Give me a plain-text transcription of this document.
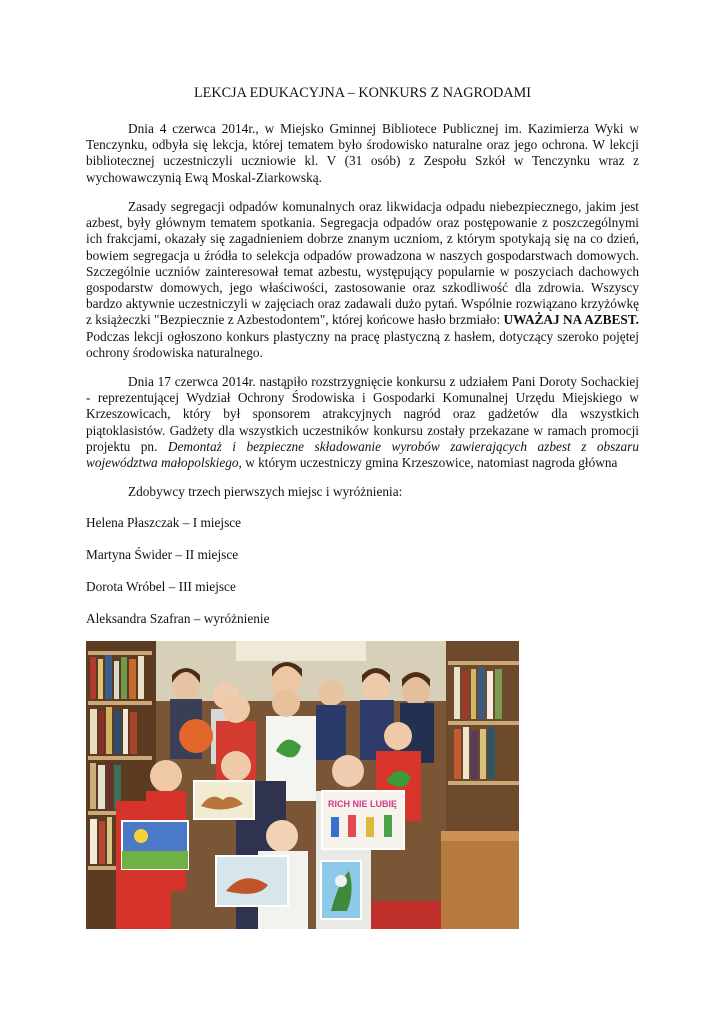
LEKCJA EDUKACYJNA – KONKURS Z NAGRODAMI

Dnia 4 czerwca 2014r., w Miejsko Gminnej Bibliotece Publicznej im. Kazimierza Wyki w Tenczynku, odbyła się lekcja, której tematem było środowisko naturalne oraz jego ochrona. W lekcji bibliotecznej uczestniczyli uczniowie kl. V (31 osób) z Zespołu Szkół w Tenczynku wraz z wychowawczynią Ewą Moskal-Ziarkowską.

Zasady segregacji odpadów komunalnych oraz likwidacja odpadu niebezpiecznego, jakim jest azbest, były głównym tematem spotkania. Segregacja odpadów oraz postępowanie z poszczególnymi ich frakcjami, okazały się zagadnieniem dobrze znanym uczniom, z którym spotykają się na co dzień, bowiem segregacja u źródła to selekcja odpadów prowadzona w naszych gospodarstwach domowych. Szczególnie uczniów zainteresował temat azbestu, występujący popularnie w poszyciach dachowych gospodarstw domowych, jego właściwości, zastosowanie oraz szkodliwość dla zdrowia. Wszyscy bardzo aktywnie uczestniczyli w zajęciach oraz zadawali dużo pytań. Wspólnie rozwiązano krzyżówkę z książeczki "Bezpiecznie z Azbestodontem", której końcowe hasło brzmiało: UWAŻAJ NA AZBEST. Podczas lekcji ogłoszono konkurs plastyczny na pracę plastyczną z hasłem, dotyczący szeroko pojętej ochrony środowiska naturalnego.

Dnia 17 czerwca 2014r. nastąpiło rozstrzygnięcie konkursu z udziałem Pani Doroty Sochackiej - reprezentującej Wydział Ochrony Środowiska i Gospodarki Komunalnej Urzędu Miejskiego w Krzeszowicach, który był sponsorem atrakcyjnych nagród oraz gadżetów dla wszystkich piątoklasistów. Gadżety dla wszystkich uczestników konkursu zostały przekazane w ramach promocji projektu pn. Demontaż i bezpieczne składowanie wyrobów zawierających azbest z obszaru województwa małopolskiego, w którym uczestniczy gmina Krzeszowice, natomiast nagroda główna

Zdobywcy trzech pierwszych miejsc i wyróżnienia:

Helena Płaszczak – I miejsce
Martyna Świder – II miejsce
Dorota Wróbel – III miejsce
Aleksandra Szafran – wyróżnienie
RICH NIE LUBIĘ
